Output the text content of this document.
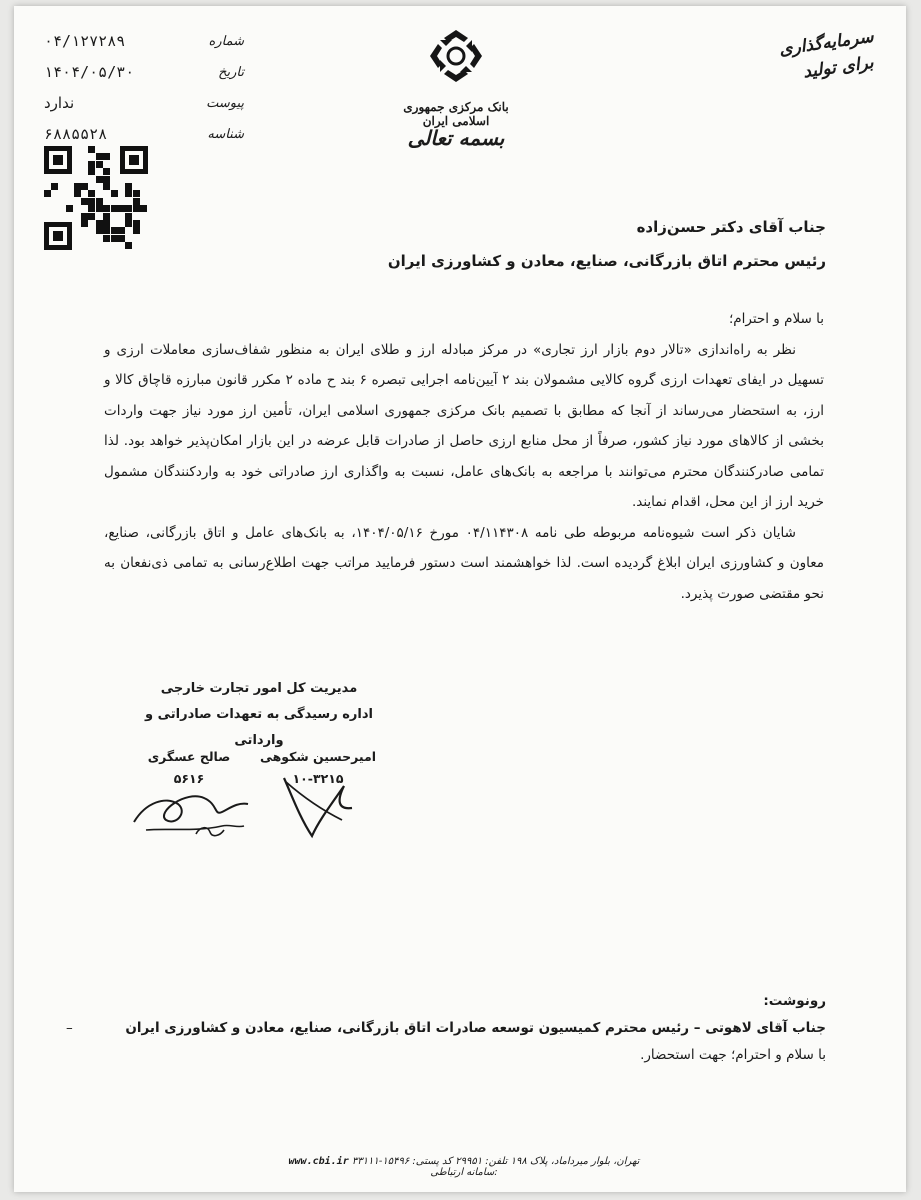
۰۴/۱۲۷۲۸۹	شماره
۱۴۰۴/۰۵/۳۰	تاریخ
ندارد	پیوست
۶۸۸۵۵۲۸	شناسه
بانک مرکزی جمهوری اسلامی ایران
بسمه تعالی
سرمایه‌گذاری
برای تولید
جناب آقای دکتر حسن‌زاده
رئیس محترم اتاق بازرگانی، صنایع، معادن و کشاورزی ایران

با سلام و احترام؛

نظر به راه‌اندازی «تالار دوم بازار ارز تجاری» در مرکز مبادله ارز و طلای ایران به منظور شفاف‌سازی معاملات ارزی و تسهیل در ایفای تعهدات ارزی گروه کالایی مشمولان بند ۲ آیین‌نامه اجرایی تبصره ۶ بند ح ماده ۲ مکرر قانون مبارزه قاچاق کالا و ارز، به استحضار می‌رساند از آنجا که مطابق با تصمیم بانک مرکزی جمهوری اسلامی ایران، تأمین ارز مورد نیاز جهت واردات بخشی از کالاهای مورد نیاز کشور، صرفاً از محل منابع ارزی حاصل از صادرات قابل عرضه در این بازار امکان‌پذیر خواهد بود. لذا تمامی صادرکنندگان محترم می‌توانند با مراجعه به بانک‌های عامل، نسبت به واگذاری ارز صادراتی خود به واردکنندگان مشمول خرید ارز از این محل، اقدام نمایند.

شایان ذکر است شیوه‌نامه مربوطه طی نامه ۰۴/۱۱۴۳۰۸ مورخ ۱۴۰۴/۰۵/۱۶، به بانک‌های عامل و اتاق بازرگانی، صنایع، معاون و کشاورزی ایران ابلاغ گردیده است. لذا خواهشمند است دستور فرمایید مراتب جهت اطلاع‌رسانی به تمامی ذی‌نفعان به نحو مقتضی صورت پذیرد.

مدیریت کل امور تجارت خارجی
اداره رسیدگی به تعهدات صادراتی و وارداتی
صالح عسگری
۵۶۱۶
امیرحسین شکوهی
۱۰-۳۲۱۵
رونوشت:
جناب آقای لاهوتی – رئیس محترم کمیسیون توسعه صادرات اتاق بازرگانی، صنایع، معادن و کشاورزی ایران
با سلام و احترام؛ جهت استحضار.
–
www.cbi.ir تهران، بلوار میرداماد، پلاک ۱۹۸ تلفن: ۲۹۹۵۱ کد پستی: ۱۵۴۹۶-۳۳۱۱۱ سامانه ارتباطی:
